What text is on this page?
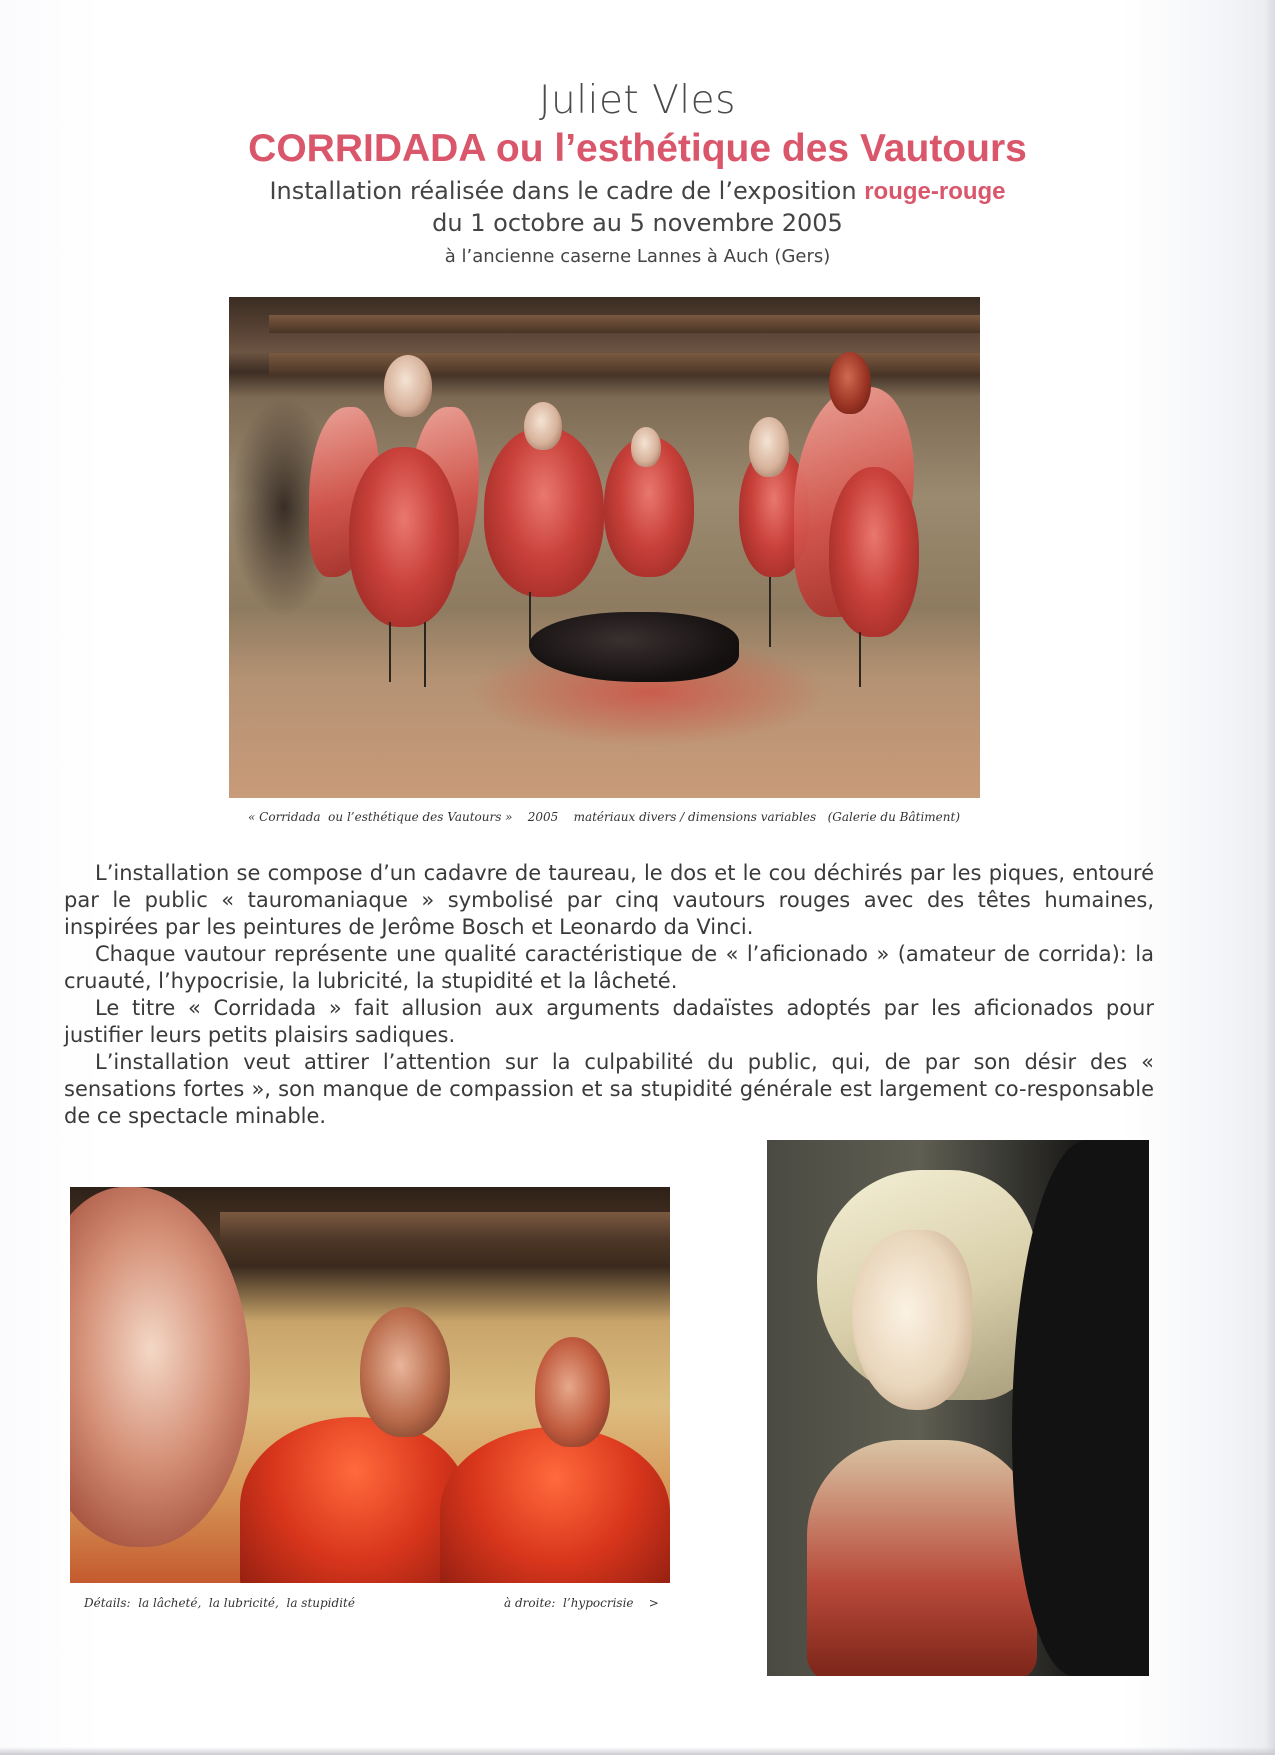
Juliet Vles
CORRIDADA ou l’esthétique des Vautours
Installation réalisée dans le cadre de l’exposition rouge-rouge
du 1 octobre au 5 novembre 2005
à l’ancienne caserne Lannes à Auch (Gers)
« Corridada  ou l’esthétique des Vautours »    2005    matériaux divers / dimensions variables   (Galerie du Bâtiment)

L’installation se compose d’un cadavre de taureau, le dos et le cou déchirés par les piques, entouré par le public « tauromaniaque » symbolisé par cinq vautours rouges avec des têtes humaines, inspirées par les peintures de Jerôme Bosch et Leonardo da Vinci.

Chaque vautour représente une qualité caractéristique de « l’aficionado » (amateur de corrida): la cruauté, l’hypocrisie, la lubricité, la stupidité et la lâcheté.

Le titre « Corridada » fait allusion aux arguments dadaïstes adoptés par les aficionados pour justifier leurs petits plaisirs sadiques.

L’installation veut attirer l’attention sur la culpabilité du public, qui, de par son désir des « sensations fortes », son manque de compassion et sa stupidité générale est largement co-responsable de ce spectacle minable.

Détails:  la lâcheté,  la lubricité,  la stupidité	à droite:  l’hypocrisie    >
